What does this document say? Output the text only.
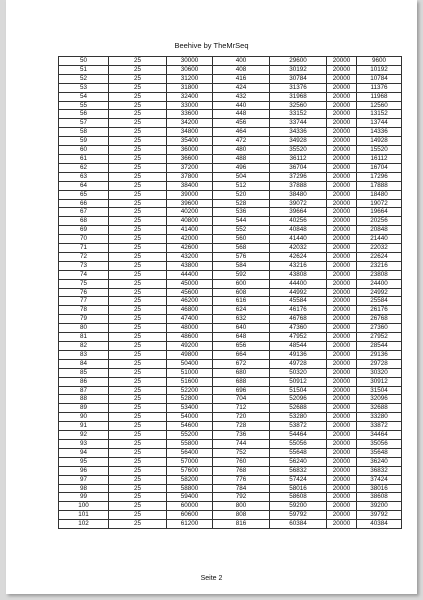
Beehive by TheMrSeq
50	25	30000	400	29600	20000	9600
51	25	30600	408	30192	20000	10192
52	25	31200	416	30784	20000	10784
53	25	31800	424	31376	20000	11376
54	25	32400	432	31968	20000	11968
55	25	33000	440	32560	20000	12560
56	25	33600	448	33152	20000	13152
57	25	34200	456	33744	20000	13744
58	25	34800	464	34336	20000	14336
59	25	35400	472	34928	20000	14928
60	25	36000	480	35520	20000	15520
61	25	36600	488	36112	20000	16112
62	25	37200	496	36704	20000	16704
63	25	37800	504	37296	20000	17296
64	25	38400	512	37888	20000	17888
65	25	39000	520	38480	20000	18480
66	25	39600	528	39072	20000	19072
67	25	40200	536	39664	20000	19664
68	25	40800	544	40256	20000	20256
69	25	41400	552	40848	20000	20848
70	25	42000	560	41440	20000	21440
71	25	42600	568	42032	20000	22032
72	25	43200	576	42624	20000	22624
73	25	43800	584	43216	20000	23216
74	25	44400	592	43808	20000	23808
75	25	45000	600	44400	20000	24400
76	25	45600	608	44992	20000	24992
77	25	46200	616	45584	20000	25584
78	25	46800	624	46176	20000	26176
79	25	47400	632	46768	20000	26768
80	25	48000	640	47360	20000	27360
81	25	48600	648	47952	20000	27952
82	25	49200	656	48544	20000	28544
83	25	49800	664	49136	20000	29136
84	25	50400	672	49728	20000	29728
85	25	51000	680	50320	20000	30320
86	25	51600	688	50912	20000	30912
87	25	52200	696	51504	20000	31504
88	25	52800	704	52096	20000	32096
89	25	53400	712	52688	20000	32688
90	25	54000	720	53280	20000	33280
91	25	54600	728	53872	20000	33872
92	25	55200	736	54464	20000	34464
93	25	55800	744	55056	20000	35056
94	25	56400	752	55648	20000	35648
95	25	57000	760	56240	20000	36240
96	25	57600	768	56832	20000	36832
97	25	58200	776	57424	20000	37424
98	25	58800	784	58016	20000	38016
99	25	59400	792	58608	20000	38608
100	25	60000	800	59200	20000	39200
101	25	60600	808	59792	20000	39792
102	25	61200	816	60384	20000	40384
Seite 2
